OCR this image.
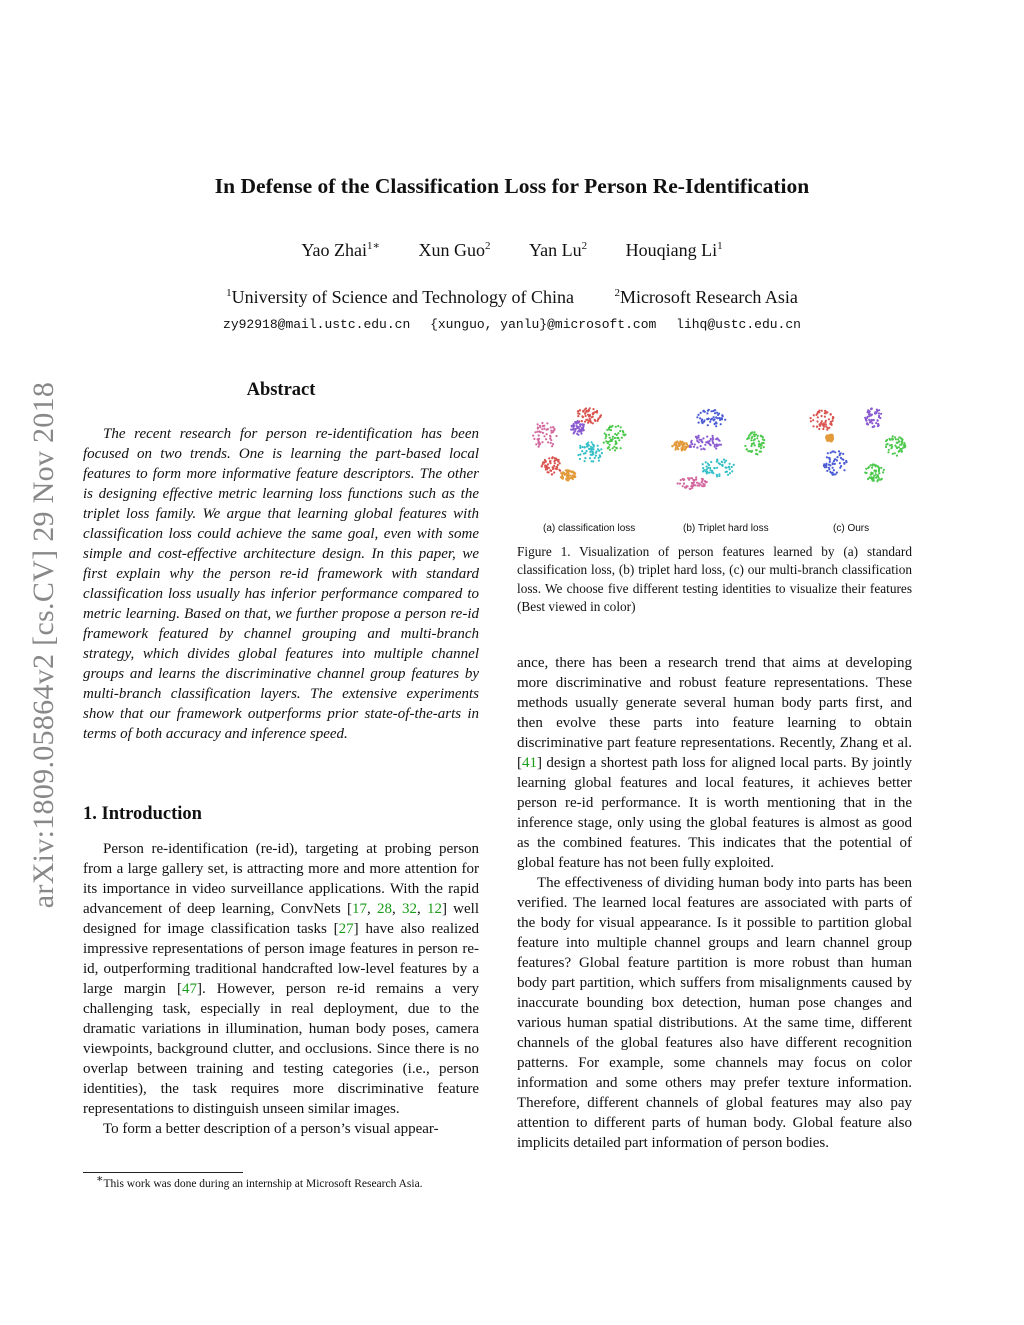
In Defense of the Classification Loss for Person Re-Identification
Yao Zhai$^{1∗}$ Xun Guo$^2$ Yan Lu$^2$ Houqiang Li$^1$
$^1$University of Science and Technology of China	$^2$Microsoft Research Asia
zy92918@mail.ustc.edu.cn {xunguo, yanlu}@microsoft.com lihq@ustc.edu.cn
arXiv:1809.05864v2 [cs.CV] 29 Nov 2018	Abstract
The recent research for person re-identification has been focused on two trends. One is learning the part-based local features to form more informative feature descriptors. The other is designing effective metric learning loss functions such as the triplet loss family. We argue that learning global features with classification loss could achieve the same goal, even with some simple and cost-effective architecture design. In this paper, we first explain why the person re-id framework with standard classification loss usually has inferior performance compared to metric learning. Based on that, we further propose a person re-id framework featured by channel grouping and multi-branch strategy, which divides global features into multiple channel groups and learns the discriminative channel group features by multi-branch classification layers. The extensive experiments show that our framework outperforms prior state-of-the-arts in terms of both accuracy and inference speed.
1. Introduction

Person re-identification (re-id), targeting at probing person from a large gallery set, is attracting more and more attention for its importance in video surveillance applications. With the rapid advancement of deep learning, ConvNets [17, 28, 32, 12] well designed for image classification tasks [27] have also realized impressive representations of person image features in person re-id, outperforming traditional handcrafted low-level features by a large margin [47]. However, person re-id remains a very challenging task, especially in real deployment, due to the dramatic variations in illumination, human body poses, camera viewpoints, background clutter, and occlusions. Since there is no overlap between training and testing categories (i.e., person identities), the task requires more discriminative feature representations to distinguish unseen similar images.

To form a better description of a person’s visual appear-

∗This work was done during an internship at Microsoft Research Asia.
(a) classification loss	(b) Triplet hard loss	(c) Ours
Figure 1. Visualization of person features learned by (a) standard classification loss, (b) triplet hard loss, (c) our multi-branch classification loss. We choose five different testing identities to visualize their features (Best viewed in color)

ance, there has been a research trend that aims at developing more discriminative and robust feature representations. These methods usually generate several human body parts first, and then evolve these parts into feature learning to obtain discriminative part feature representations. Recently, Zhang et al. [41] design a shortest path loss for aligned local parts. By jointly learning global features and local features, it achieves better person re-id performance. It is worth mentioning that in the inference stage, only using the global features is almost as good as the combined features. This indicates that the potential of global feature has not been fully exploited.

The effectiveness of dividing human body into parts has been verified. The learned local features are associated with parts of the body for visual appearance. Is it possible to partition global feature into multiple channel groups and learn channel group features? Global feature partition is more robust than human body part partition, which suffers from misalignments caused by inaccurate bounding box detection, human pose changes and various human spatial distributions. At the same time, different channels of the global features also have different recognition patterns. For example, some channels may focus on color information and some others may prefer texture information. Therefore, different channels of global features may also pay attention to different parts of human body. Global feature also implicits detailed part information of person bodies.
